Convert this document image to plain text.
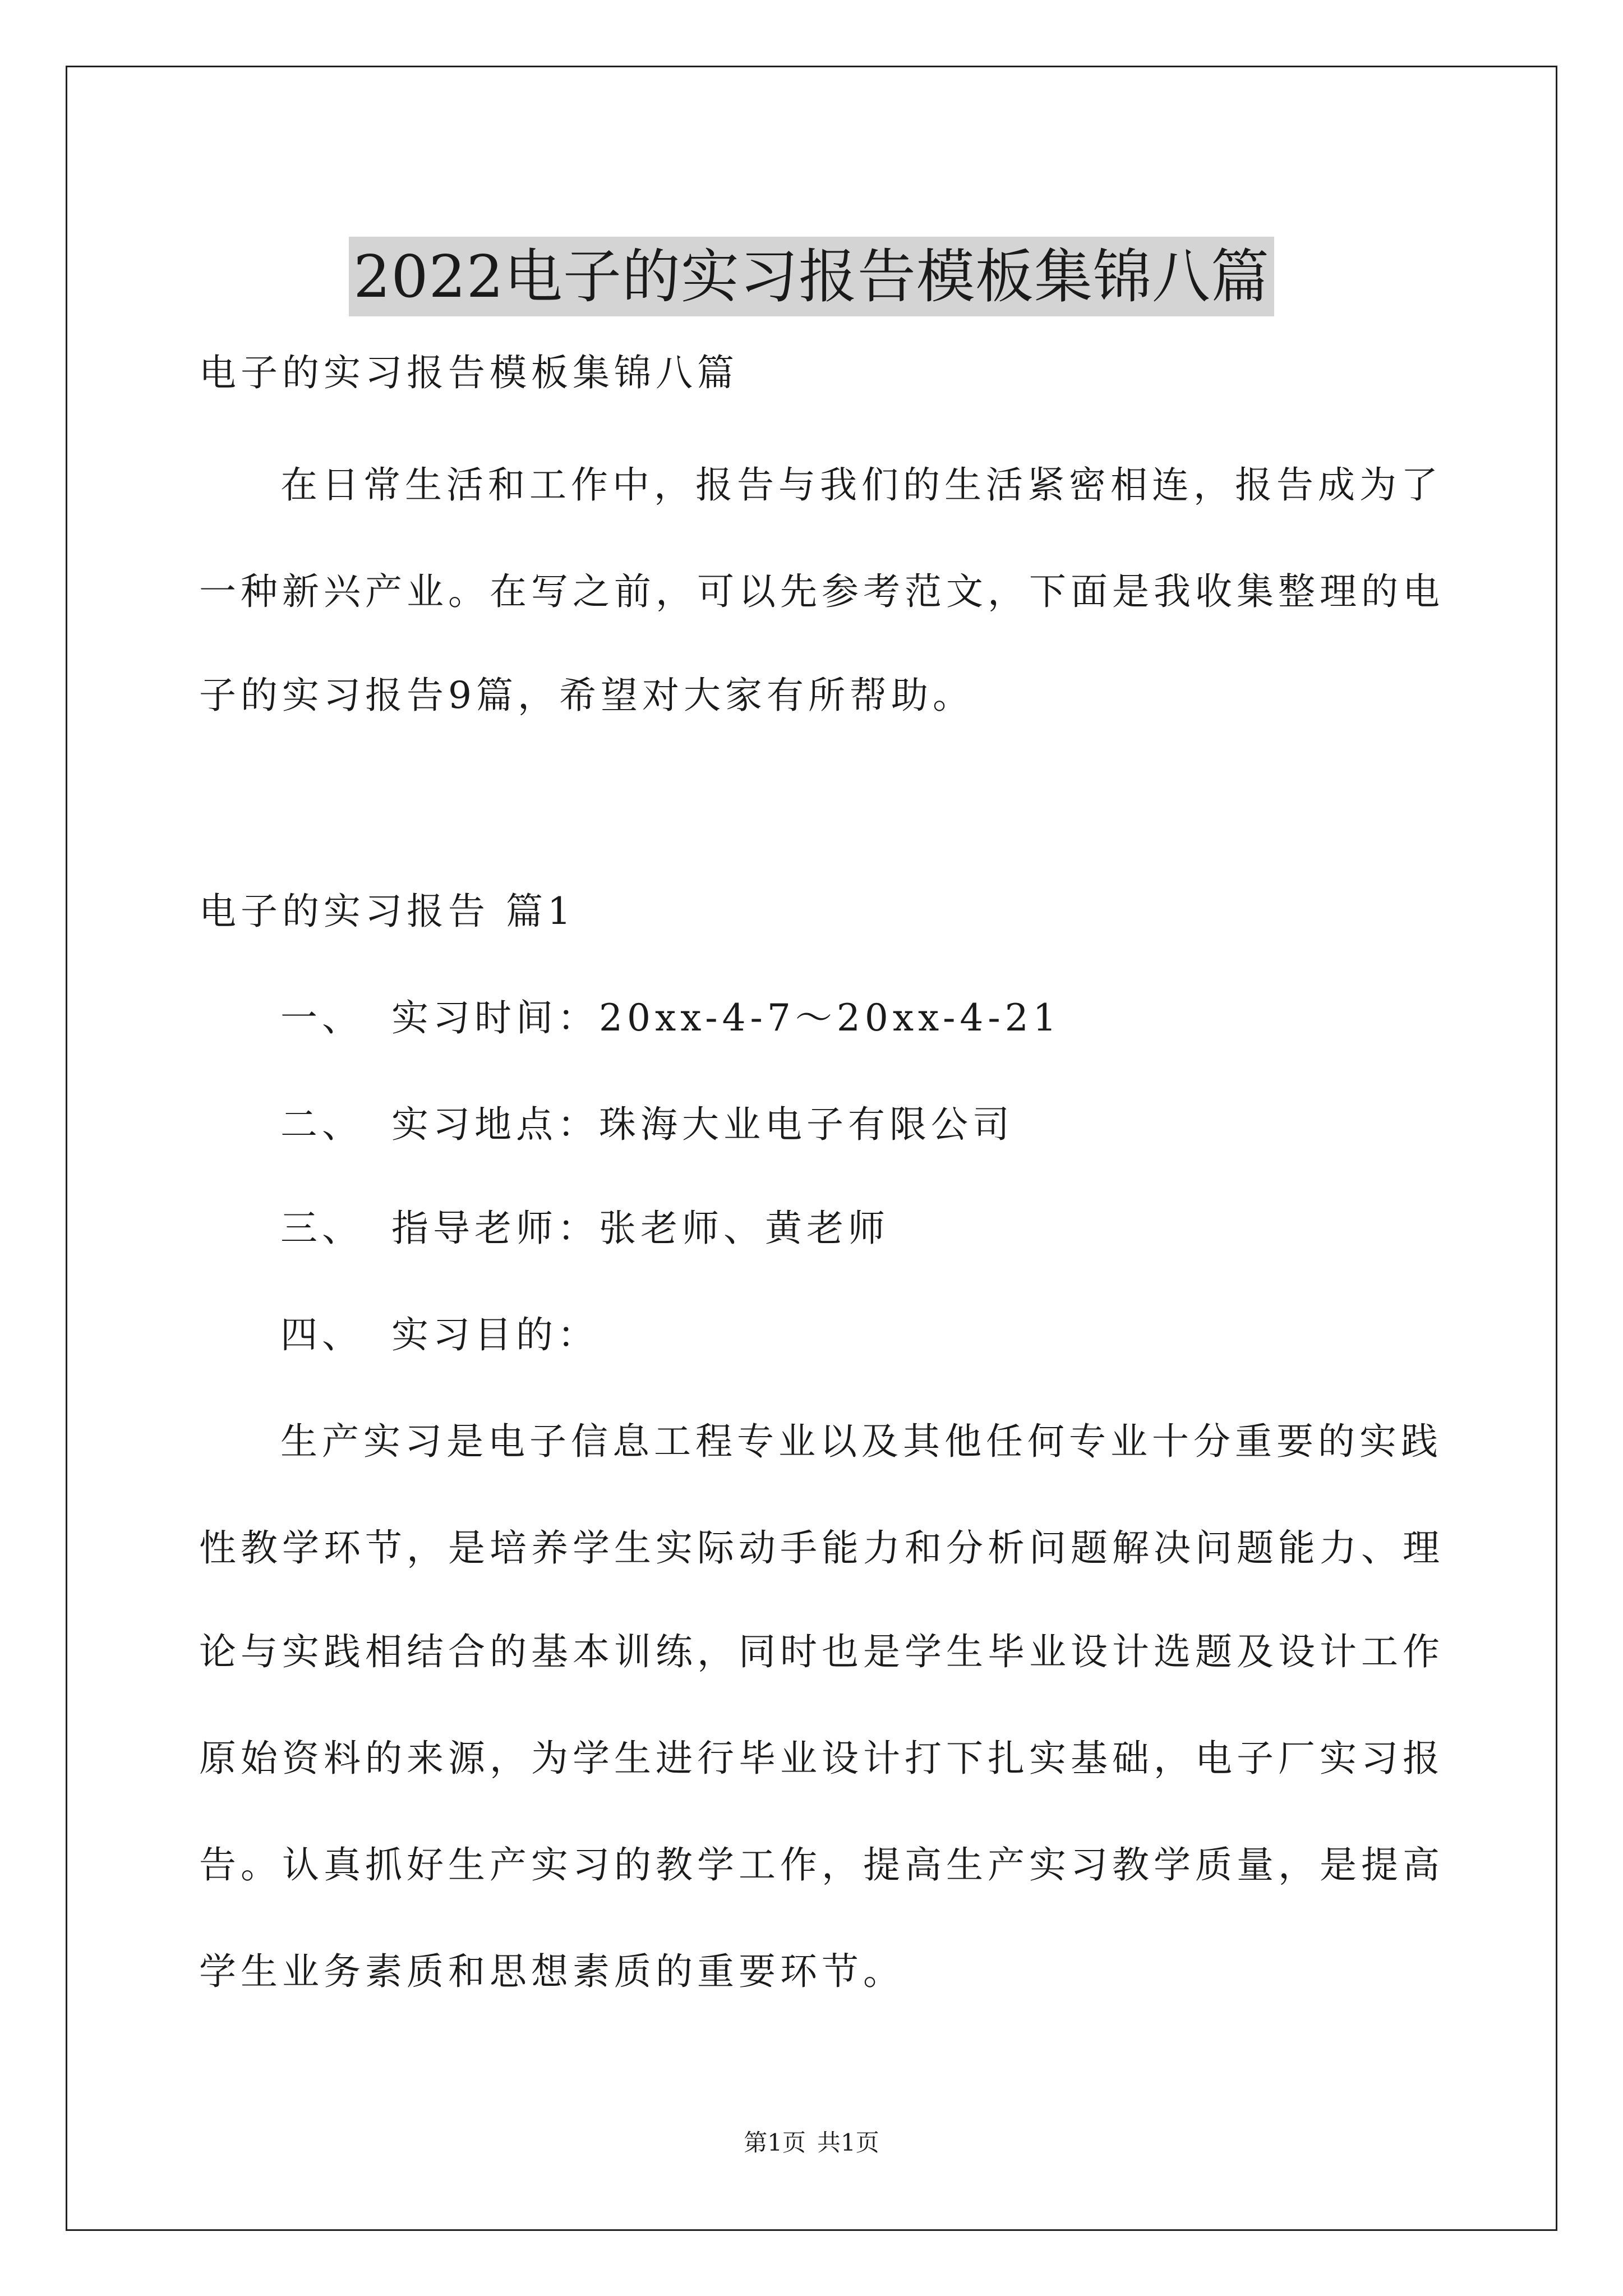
2022电子的实习报告模板集锦八篇
电子的实习报告模板集锦八篇
在日常生活和工作中，报告与我们的生活紧密相连，报告成为了
一种新兴产业。在写之前，可以先参考范文，下面是我收集整理的电
子的实习报告9篇，希望对大家有所帮助。
电子的实习报告 篇1
一、 实习时间：20xx-4-7～20xx-4-21
二、 实习地点：珠海大业电子有限公司
三、 指导老师：张老师、黄老师
四、 实习目的：
生产实习是电子信息工程专业以及其他任何专业十分重要的实践
性教学环节，是培养学生实际动手能力和分析问题解决问题能力、理
论与实践相结合的基本训练，同时也是学生毕业设计选题及设计工作
原始资料的来源，为学生进行毕业设计打下扎实基础，电子厂实习报
告。认真抓好生产实习的教学工作，提高生产实习教学质量，是提高
学生业务素质和思想素质的重要环节。
第1页 共1页
